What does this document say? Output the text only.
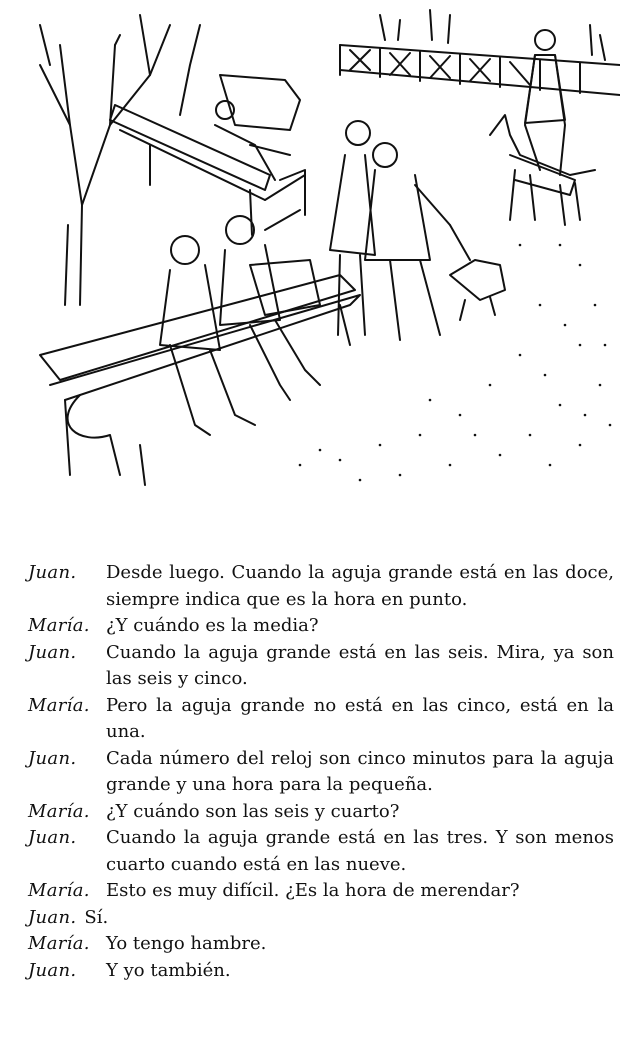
Juan.	Desde luego. Cuando la aguja grande está en las doce, siempre indica que es la hora en punto.
María. ¿Y cuándo es la media?
Juan.	Cuando la aguja grande está en las seis. Mira, ya son las seis y cinco.
María. Pero la aguja grande no está en las cinco, está en la una.
Juan.	Cada número del reloj son cinco minutos para la aguja grande y una hora para la pequeña.
María. ¿Y cuándo son las seis y cuarto?
Juan.	Cuando la aguja grande está en las tres. Y son menos cuarto cuando está en las nueve.
María. Esto es muy difícil. ¿Es la hora de merendar?
Juan. Sí.
María. Yo tengo hambre.
Juan.	Y yo también.
